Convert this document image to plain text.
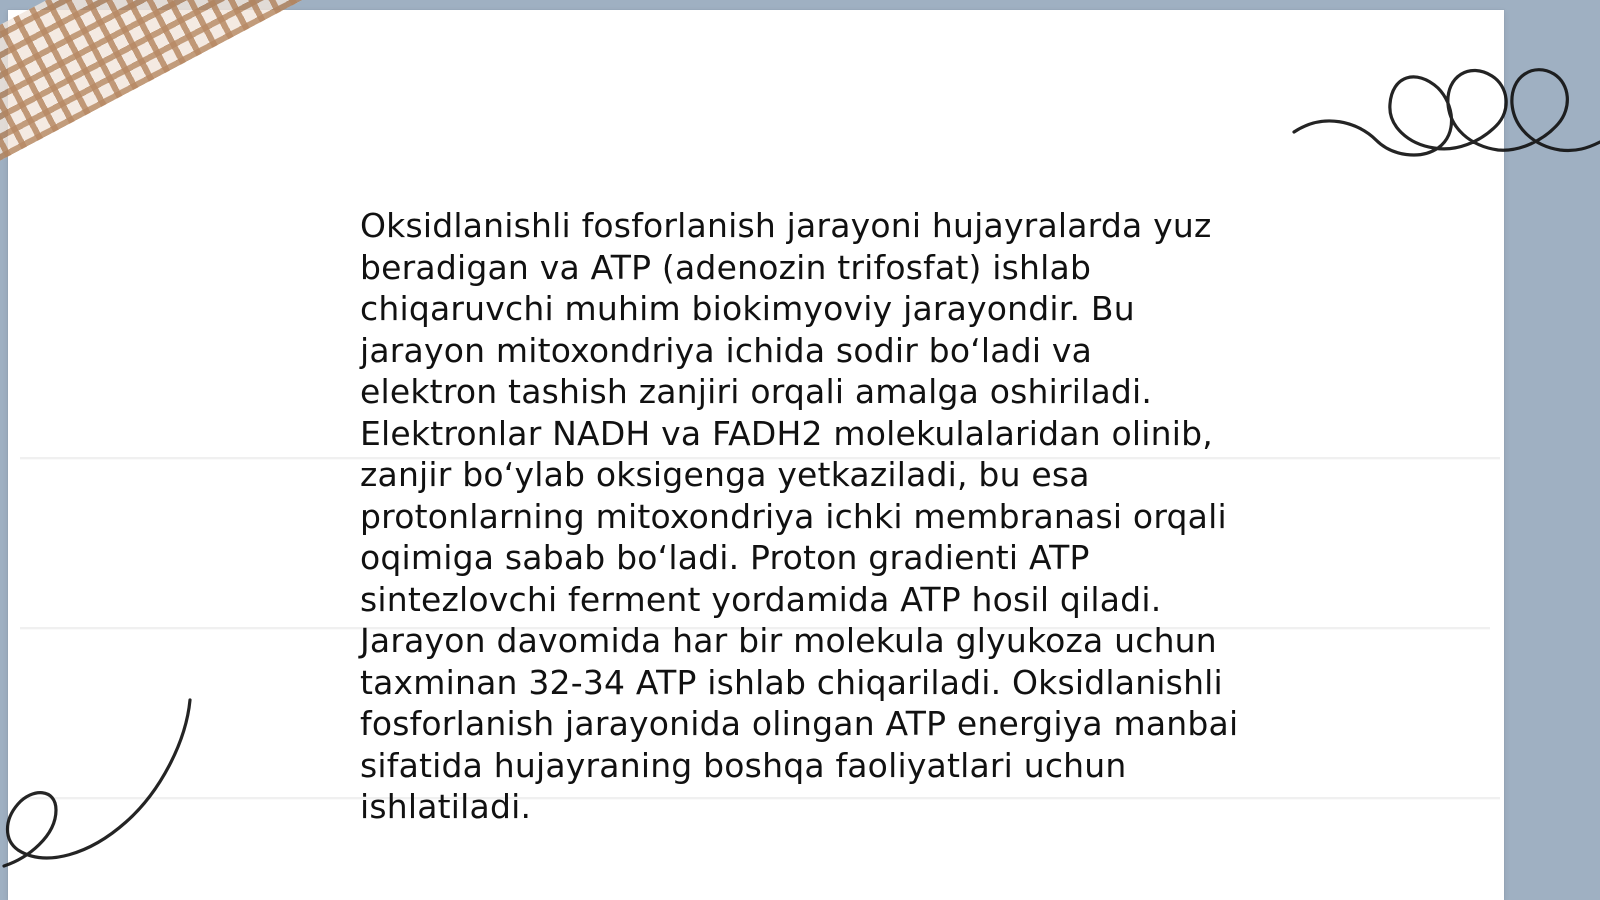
Oksidlanishli fosforlanish jarayoni hujayralarda yuz beradigan va ATP (adenozin trifosfat) ishlab chiqaruvchi muhim biokimyoviy jarayondir. Bu jarayon mitoxondriya ichida sodir bo‘ladi va elektron tashish zanjiri orqali amalga oshiriladi. Elektronlar NADH va FADH2 molekulalaridan olinib, zanjir bo‘ylab oksigenga yetkaziladi, bu esa protonlarning mitoxondriya ichki membranasi orqali oqimiga sabab bo‘ladi. Proton gradienti ATP sintezlovchi ferment yordamida ATP hosil qiladi. Jarayon davomida har bir molekula glyukoza uchun taxminan 32-34 ATP ishlab chiqariladi. Oksidlanishli fosforlanish jarayonida olingan ATP energiya manbai sifatida hujayraning boshqa faoliyatlari uchun ishlatiladi.
